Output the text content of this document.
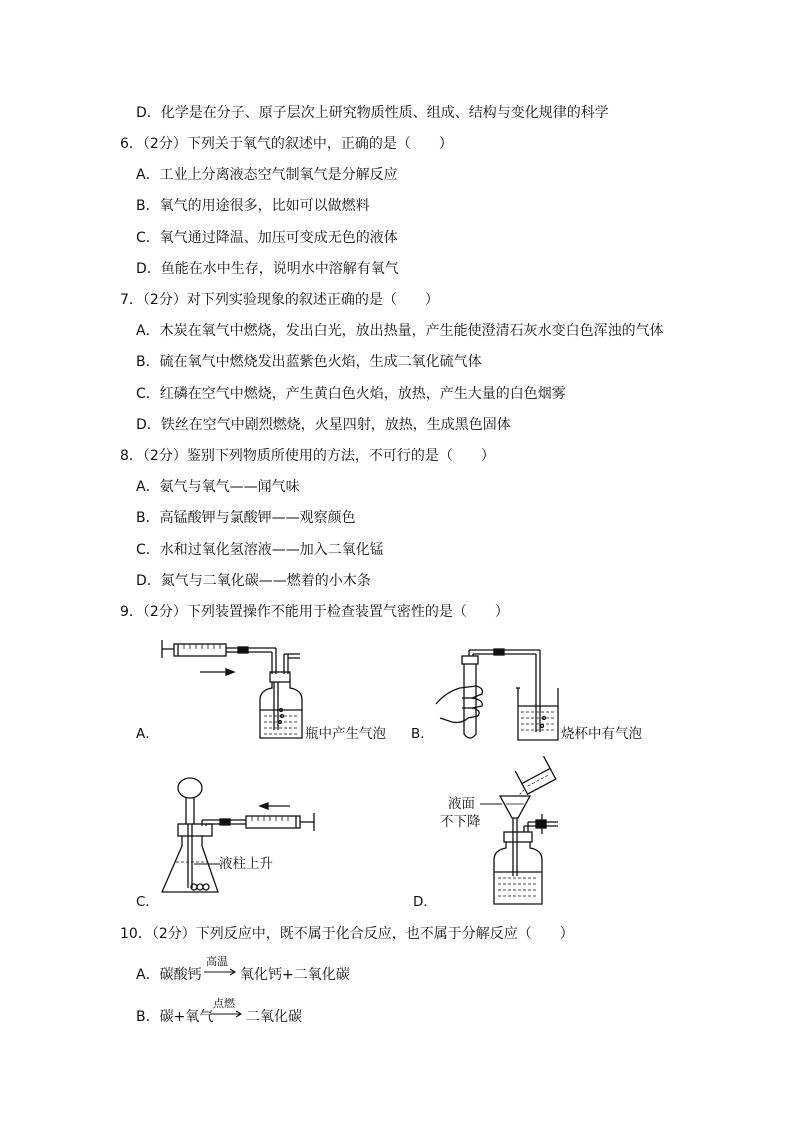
D．化学是在分子、原子层次上研究物质性质、组成、结构与变化规律的科学
6．（2分）下列关于氧气的叙述中，正确的是（　　）
A．工业上分离液态空气制氧气是分解反应
B．氧气的用途很多，比如可以做燃料
C．氧气通过降温、加压可变成无色的液体
D．鱼能在水中生存，说明水中溶解有氧气
7．（2分）对下列实验现象的叙述正确的是（　　）
A．木炭在氧气中燃烧，发出白光，放出热量，产生能使澄清石灰水变白色浑浊的气体
B．硫在氧气中燃烧发出蓝紫色火焰，生成二氧化硫气体
C．红磷在空气中燃烧，产生黄白色火焰，放热，产生大量的白色烟雾
D．铁丝在空气中剧烈燃烧，火星四射，放热，生成黑色固体
8．（2分）鉴别下列物质所使用的方法，不可行的是（　　）
A．氨气与氧气——闻气味
B．高锰酸钾与氯酸钾——观察颜色
C．水和过氧化氢溶液——加入二氧化锰
D．氮气与二氧化碳——燃着的小木条
9．（2分）下列装置操作不能用于检查装置气密性的是（　　）
A．	瓶中产生气泡 B．	烧杯中有气泡
C．
液柱上升
D．
液面
不下降
10．（2分）下列反应中，既不属于化合反应，也不属于分解反应（　　）
A．碳酸钙
高温
氧化钙+二氧化碳
B．碳+氧气
点燃
二氧化碳
